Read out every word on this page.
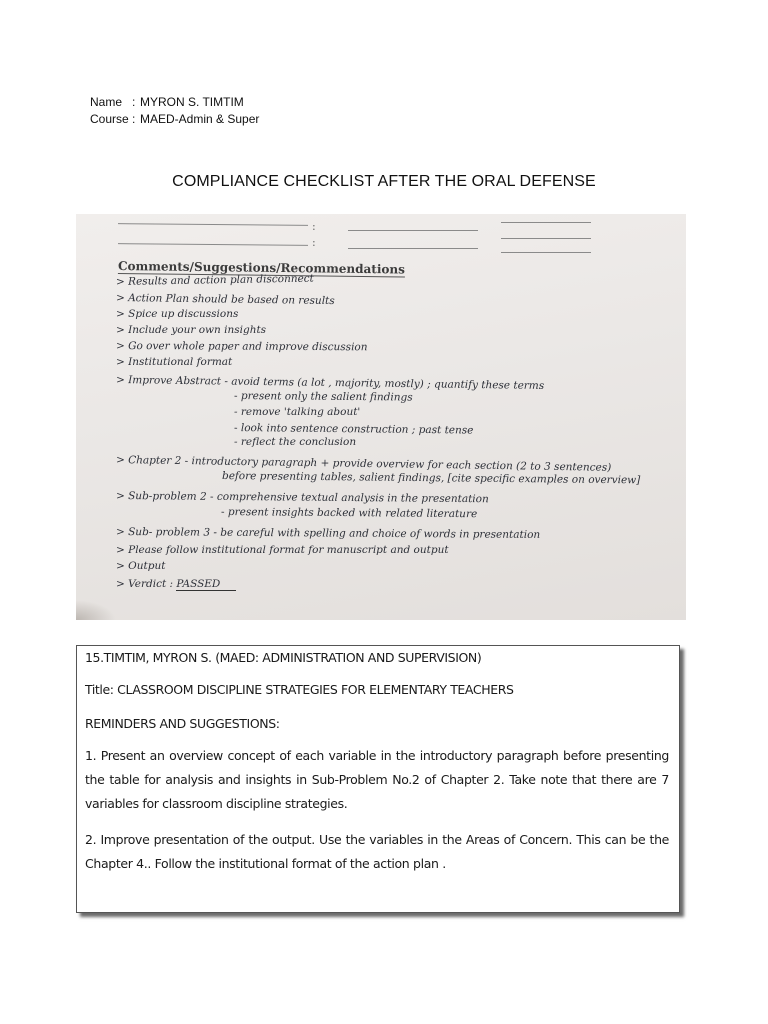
Name   : MYRON S. TIMTIM
Course : MAED-Admin & Super
COMPLIANCE CHECKLIST AFTER THE ORAL DEFENSE
:
:
Comments/Suggestions/Recommendations
> Results and action plan disconnect
> Action Plan should be based on results
> Spice up discussions
> Include your own insights
> Go over whole paper and improve discussion
> Institutional format
> Improve Abstract - avoid terms (a lot , majority, mostly) ; quantify these terms
- present only the salient findings
- remove 'talking about'
- look into sentence construction ; past tense
- reflect the conclusion
> Chapter 2 - introductory paragraph + provide overview for each section (2 to 3 sentences)
before presenting tables, salient findings, [cite specific examples on overview]
> Sub-problem 2 - comprehensive textual analysis in the presentation
- present insights backed with related literature
> Sub- problem 3 - be careful with spelling and choice of words in presentation
> Please follow institutional format for manuscript and output
> Output
> Verdict : PASSED

15.TIMTIM, MYRON S. (MAED: ADMINISTRATION AND SUPERVISION)

Title: CLASSROOM DISCIPLINE STRATEGIES FOR ELEMENTARY TEACHERS

REMINDERS AND SUGGESTIONS:

1. Present an overview concept of each variable in the introductory paragraph before presenting the table for analysis and insights in Sub-Problem No.2 of Chapter 2. Take note that there are 7 variables for classroom discipline strategies.

2. Improve presentation of the output. Use the variables in the Areas of Concern. This can be the Chapter 4.. Follow the institutional format of the action plan .
